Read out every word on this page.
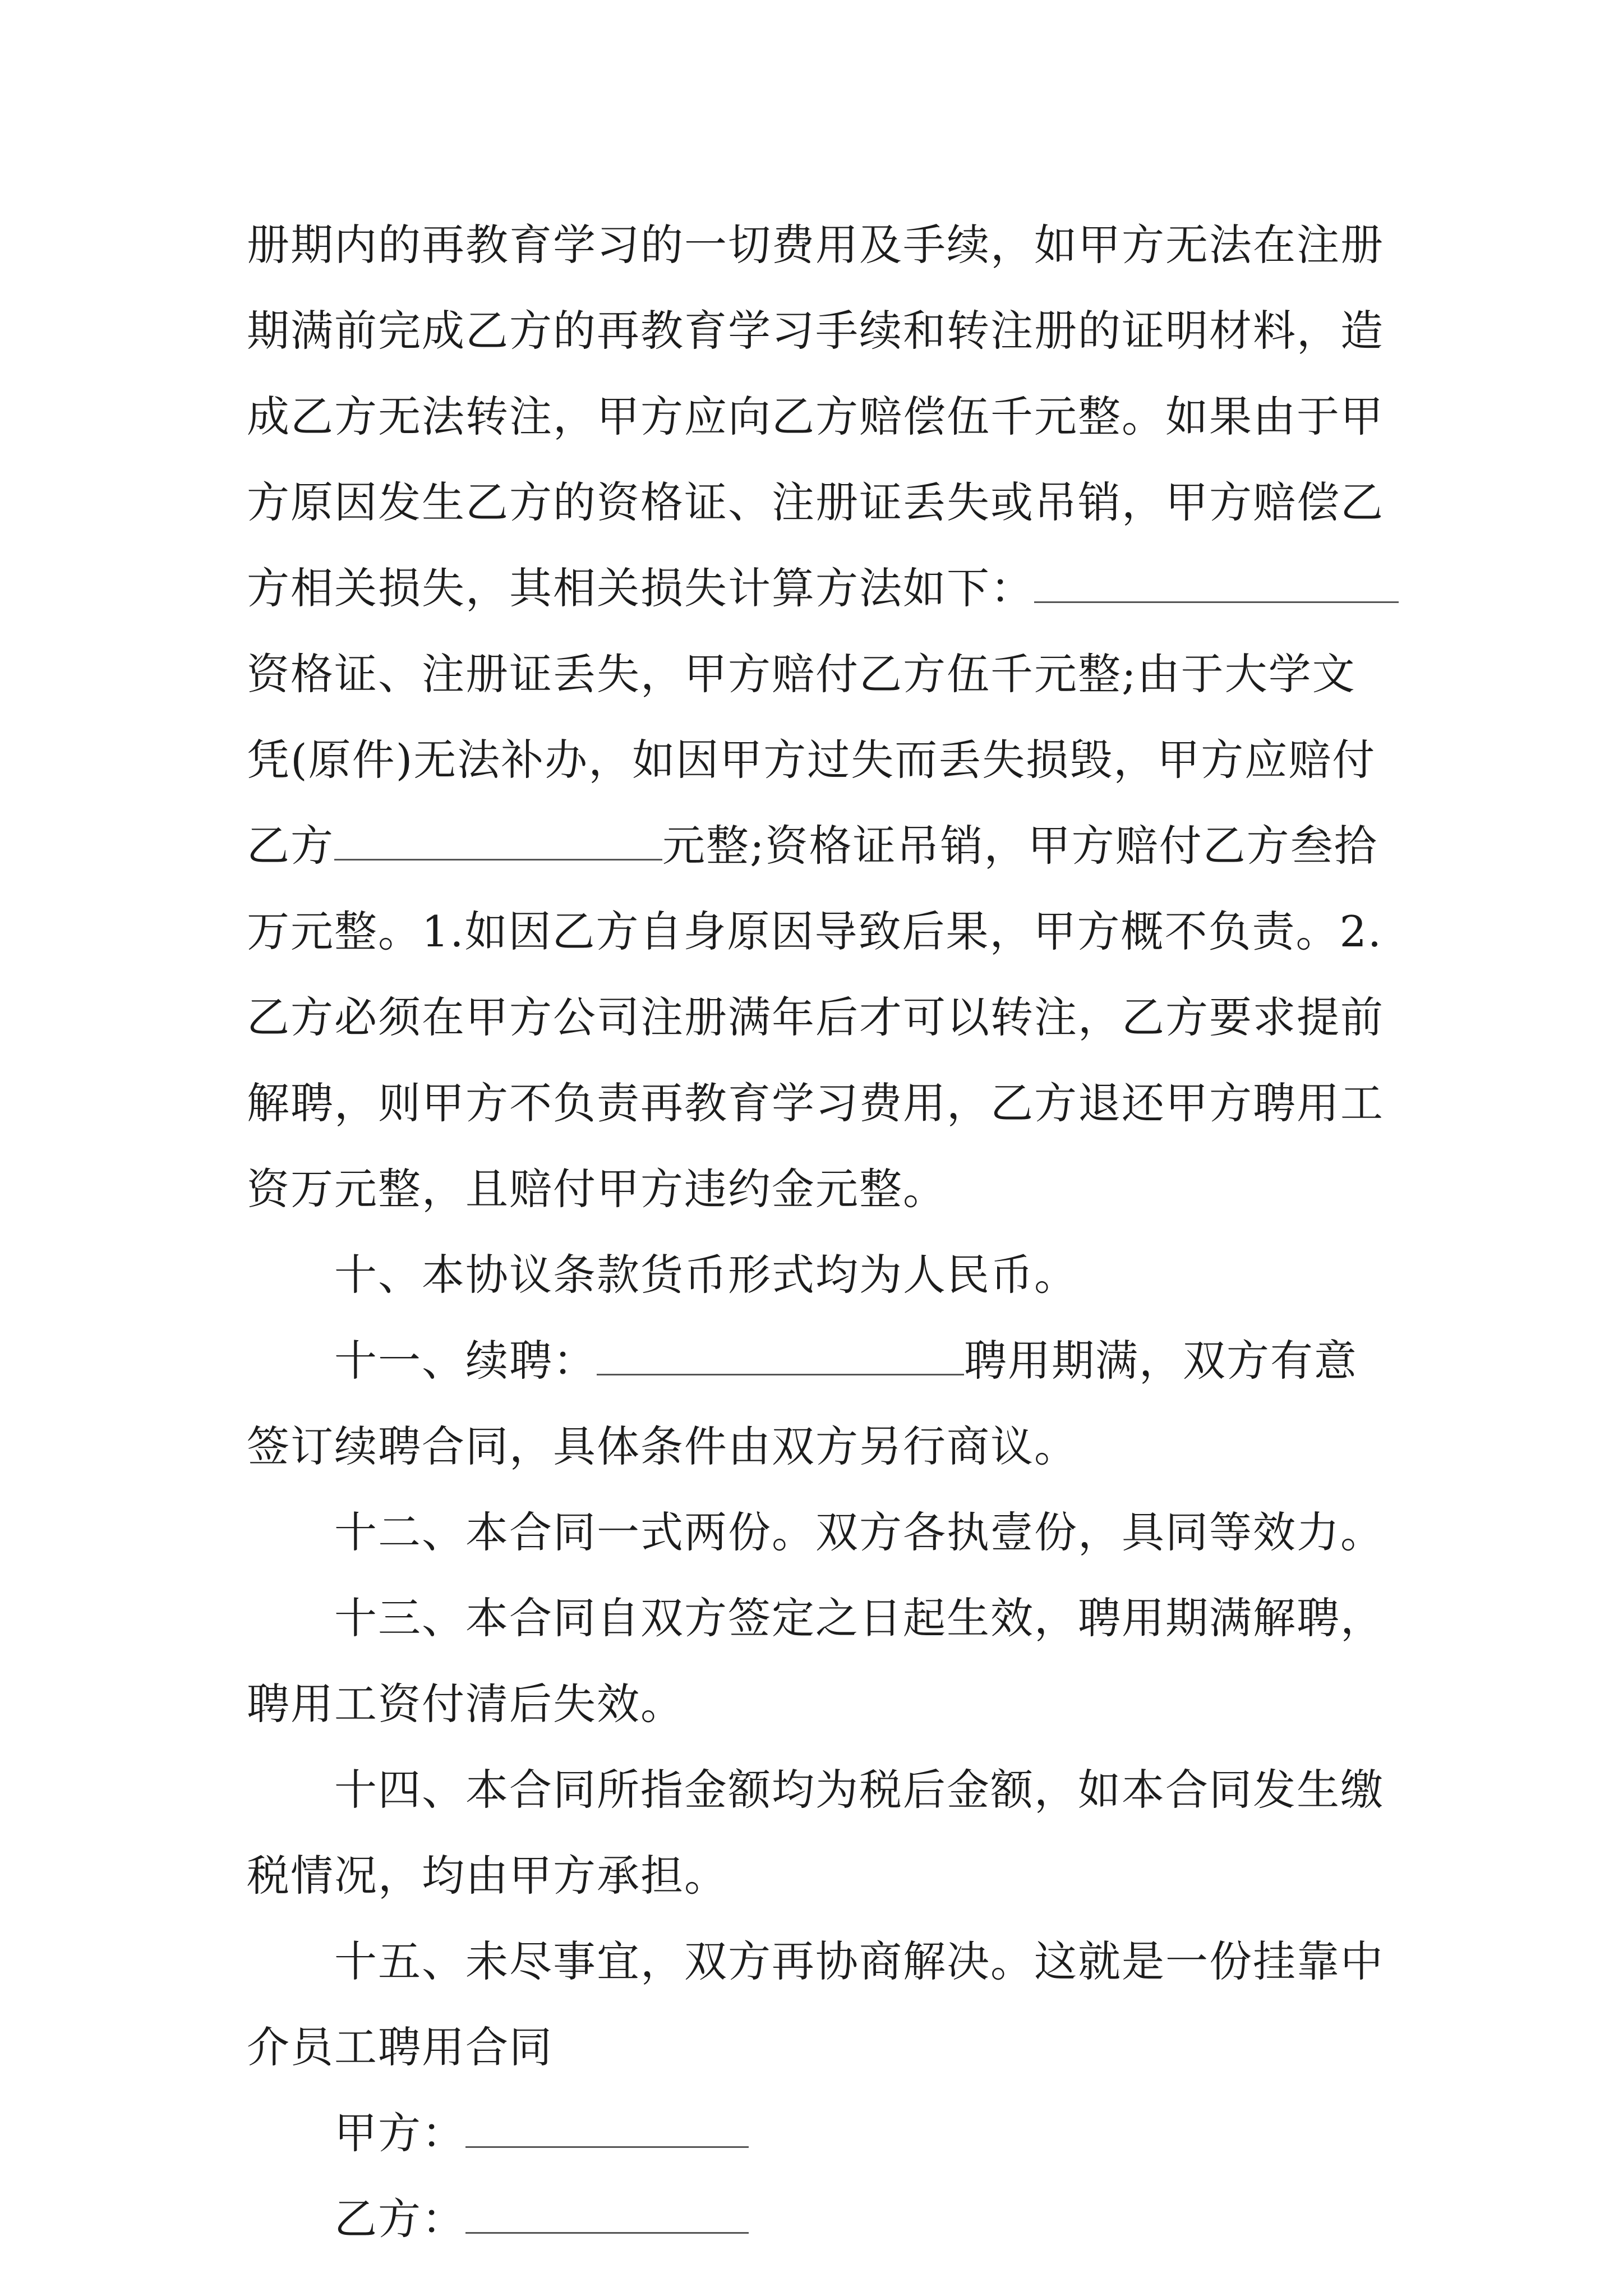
册期内的再教育学习的一切费用及手续，如甲方无法在注册
期满前完成乙方的再教育学习手续和转注册的证明材料，造
成乙方无法转注，甲方应向乙方赔偿伍千元整。如果由于甲
方原因发生乙方的资格证、注册证丢失或吊销，甲方赔偿乙
方相关损失，其相关损失计算方法如下：
资格证、注册证丢失，甲方赔付乙方伍千元整;由于大学文
凭(原件)无法补办，如因甲方过失而丢失损毁，甲方应赔付
乙方	元整;资格证吊销，甲方赔付乙方叁拾
万元整。1.如因乙方自身原因导致后果，甲方概不负责。2.
乙方必须在甲方公司注册满年后才可以转注，乙方要求提前
解聘，则甲方不负责再教育学习费用，乙方退还甲方聘用工
资万元整，且赔付甲方违约金元整。
十、本协议条款货币形式均为人民币。
十一、续聘：	聘用期满，双方有意
签订续聘合同，具体条件由双方另行商议。
十二、本合同一式两份。双方各执壹份，具同等效力。
十三、本合同自双方签定之日起生效，聘用期满解聘，
聘用工资付清后失效。
十四、本合同所指金额均为税后金额，如本合同发生缴
税情况，均由甲方承担。
十五、未尽事宜，双方再协商解决。这就是一份挂靠中
介员工聘用合同
甲方：
乙方：
